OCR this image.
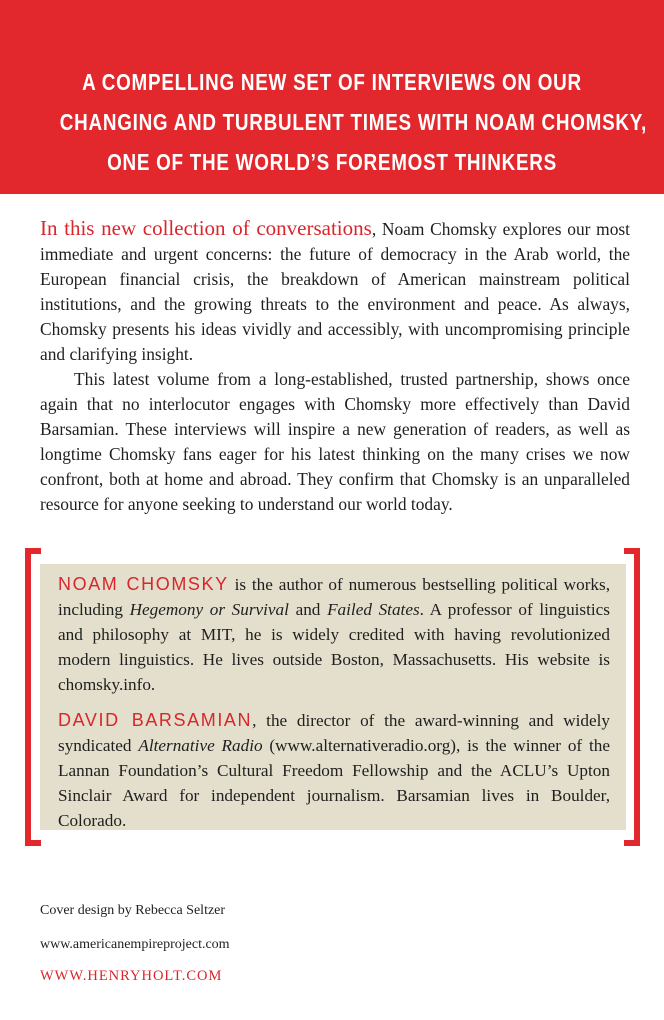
A COMPELLING NEW SET OF INTERVIEWS ON OUR
CHANGING AND TURBULENT TIMES WITH NOAM CHOMSKY,
ONE OF THE WORLD’S FOREMOST THINKERS

In this new collection of conversations, Noam Chomsky explores our most immediate and urgent concerns: the future of democracy in the Arab world, the European financial crisis, the breakdown of American mainstream political institutions, and the growing threats to the environment and peace. As always, Chomsky presents his ideas vividly and accessibly, with uncompromising principle and clarifying insight.

This latest volume from a long-established, trusted partnership, shows once again that no interlocutor engages with Chomsky more effectively than David Barsamian. These interviews will inspire a new generation of readers, as well as longtime Chomsky fans eager for his latest thinking on the many crises we now confront, both at home and abroad. They confirm that Chomsky is an unparalleled resource for anyone seeking to understand our world today.

NOAM CHOMSKY is the author of numerous bestselling political works, including Hegemony or Survival and Failed States. A professor of linguistics and philosophy at MIT, he is widely credited with having revolutionized modern linguistics. He lives outside Boston, Massachusetts. His website is chomsky.info.

DAVID BARSAMIAN, the director of the award-winning and widely syndicated Alternative Radio (www.alternativeradio.org), is the winner of the Lannan Foundation’s Cultural Freedom Fellowship and the ACLU’s Upton Sinclair Award for independent journalism. Barsamian lives in Boulder, Colorado.

Cover design by Rebecca Seltzer
www.americanempireproject.com
WWW.HENRYHOLT.COM
